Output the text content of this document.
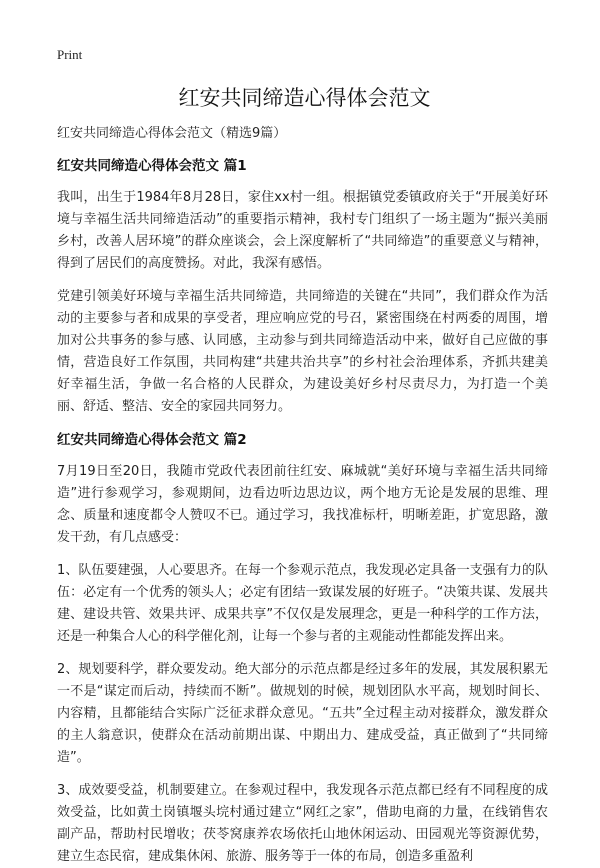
Print
红安共同缔造心得体会范文
红安共同缔造心得体会范文（精选9篇）
红安共同缔造心得体会范文 篇1

我叫，出生于1984年8月28日，家住xx村一组。根据镇党委镇政府关于“开展美好环境与幸福生活共同缔造活动”的重要指示精神，我村专门组织了一场主题为“振兴美丽乡村，改善人居环境”的群众座谈会，会上深度解析了“共同缔造”的重要意义与精神，得到了居民们的高度赞扬。对此，我深有感悟。

党建引领美好环境与幸福生活共同缔造，共同缔造的关键在“共同”，我们群众作为活动的主要参与者和成果的享受者，理应响应党的号召，紧密围绕在村两委的周围，增加对公共事务的参与感、认同感，主动参与到共同缔造活动中来，做好自己应做的事情，营造良好工作氛围，共同构建“共建共治共享”的乡村社会治理体系，齐抓共建美好幸福生活，争做一名合格的人民群众，为建设美好乡村尽责尽力，为打造一个美丽、舒适、整洁、安全的家园共同努力。

红安共同缔造心得体会范文 篇2

7月19日至20日，我随市党政代表团前往红安、麻城就“美好环境与幸福生活共同缔造”进行参观学习，参观期间，边看边听边思边议，两个地方无论是发展的思维、理念、质量和速度都令人赞叹不已。通过学习，我找准标杆，明晰差距，扩宽思路，激发干劲，有几点感受：

1、队伍要建强，人心要思齐。在每一个参观示范点，我发现必定具备一支强有力的队伍：必定有一个优秀的领头人；必定有团结一致谋发展的好班子。“决策共谋、发展共建、建设共管、效果共评、成果共享”不仅仅是发展理念，更是一种科学的工作方法，还是一种集合人心的科学催化剂，让每一个参与者的主观能动性都能发挥出来。

2、规划要科学，群众要发动。绝大部分的示范点都是经过多年的发展，其发展积累无一不是“谋定而后动，持续而不断”。做规划的时候，规划团队水平高，规划时间长、内容精，且都能结合实际广泛征求群众意见。“五共”全过程主动对接群众，激发群众的主人翁意识，使群众在活动前期出谋、中期出力、建成受益，真正做到了“共同缔造”。

3、成效要受益，机制要建立。在参观过程中，我发现各示范点都已经有不同程度的成效受益，比如黄土岗镇堰头垸村通过建立“网红之家”，借助电商的力量，在线销售农副产品，帮助村民增收；茯苓窝康养农场依托山地休闲运动、田园观光等资源优势，建立生态民宿，建成集休闲、旅游、服务等于一体的布局，创造多重盈利
